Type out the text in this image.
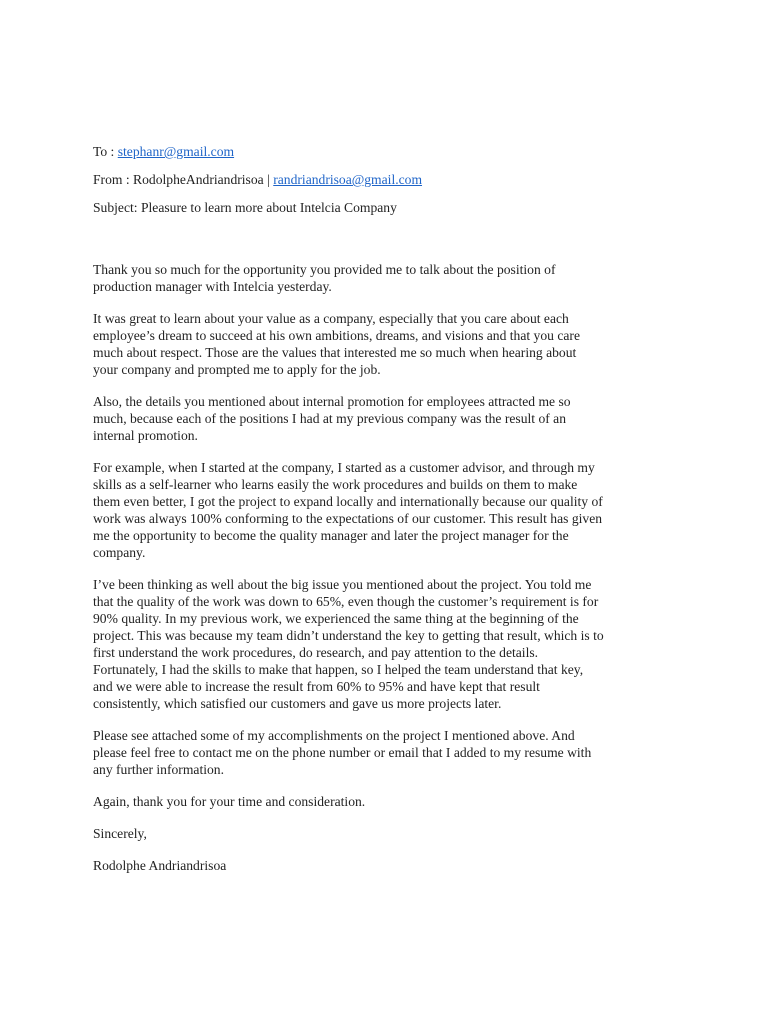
To : stephanr@gmail.com
From : RodolpheAndriandrisoa | randriandrisoa@gmail.com
Subject: Pleasure to learn more about Intelcia Company
Thank you so much for the opportunity you provided me to talk about the position of
production manager with Intelcia yesterday.
It was great to learn about your value as a company, especially that you care about each
employee’s dream to succeed at his own ambitions, dreams, and visions and that you care
much about respect. Those are the values that interested me so much when hearing about
your company and prompted me to apply for the job.
Also, the details you mentioned about internal promotion for employees attracted me so
much, because each of the positions I had at my previous company was the result of an
internal promotion.
For example, when I started at the company, I started as a customer advisor, and through my
skills as a self-learner who learns easily the work procedures and builds on them to make
them even better, I got the project to expand locally and internationally because our quality of
work was always 100% conforming to the expectations of our customer. This result has given
me the opportunity to become the quality manager and later the project manager for the
company.
I’ve been thinking as well about the big issue you mentioned about the project. You told me
that the quality of the work was down to 65%, even though the customer’s requirement is for
90% quality. In my previous work, we experienced the same thing at the beginning of the
project. This was because my team didn’t understand the key to getting that result, which is to
first understand the work procedures, do research, and pay attention to the details.
Fortunately, I had the skills to make that happen, so I helped the team understand that key,
and we were able to increase the result from 60% to 95% and have kept that result
consistently, which satisfied our customers and gave us more projects later.
Please see attached some of my accomplishments on the project I mentioned above. And
please feel free to contact me on the phone number or email that I added to my resume with
any further information.
Again, thank you for your time and consideration.
Sincerely,
Rodolphe Andriandrisoa
